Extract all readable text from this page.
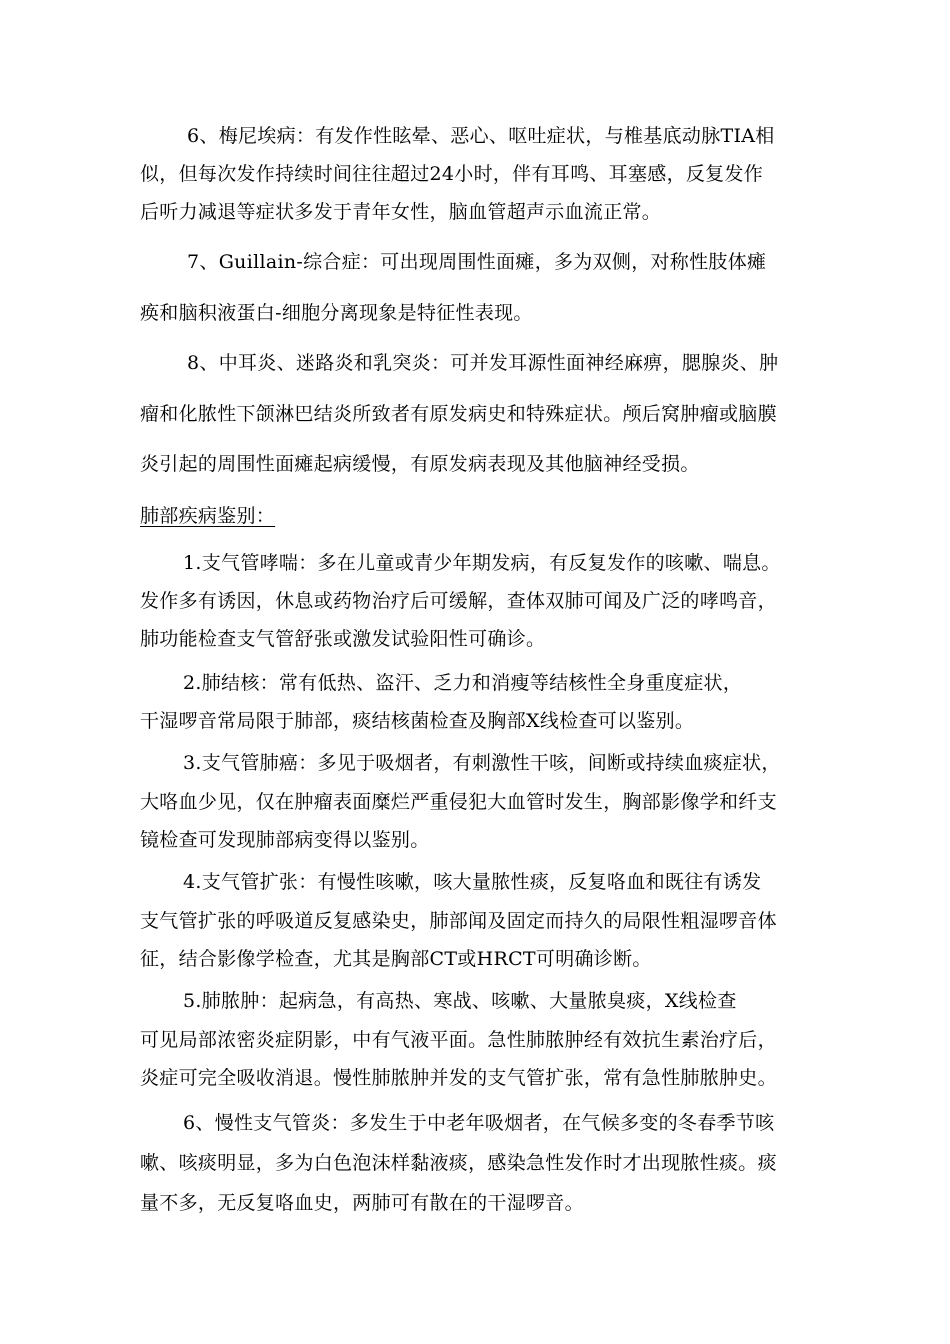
6、梅尼埃病：有发作性眩晕、恶心、呕吐症状，与椎基底动脉TIA相
似，但每次发作持续时间往往超过24小时，伴有耳鸣、耳塞感，反复发作
后听力减退等症状多发于青年女性，脑血管超声示血流正常。
7、Guillain-综合症：可出现周围性面瘫，多为双侧，对称性肢体瘫
痪和脑积液蛋白-细胞分离现象是特征性表现。
8、中耳炎、迷路炎和乳突炎：可并发耳源性面神经麻痹，腮腺炎、肿
瘤和化脓性下颌淋巴结炎所致者有原发病史和特殊症状。颅后窝肿瘤或脑膜
炎引起的周围性面瘫起病缓慢，有原发病表现及其他脑神经受损。
肺部疾病鉴别：
1.支气管哮喘：多在儿童或青少年期发病，有反复发作的咳嗽、喘息。
发作多有诱因，休息或药物治疗后可缓解，查体双肺可闻及广泛的哮鸣音，
肺功能检查支气管舒张或激发试验阳性可确诊。
2.肺结核：常有低热、盗汗、乏力和消瘦等结核性全身重度症状，
干湿啰音常局限于肺部，痰结核菌检查及胸部X线检查可以鉴别。
3.支气管肺癌：多见于吸烟者，有刺激性干咳，间断或持续血痰症状，
大咯血少见，仅在肿瘤表面糜烂严重侵犯大血管时发生，胸部影像学和纤支
镜检查可发现肺部病变得以鉴别。
4.支气管扩张：有慢性咳嗽，咳大量脓性痰，反复咯血和既往有诱发
支气管扩张的呼吸道反复感染史，肺部闻及固定而持久的局限性粗湿啰音体
征，结合影像学检查，尤其是胸部CT或HRCT可明确诊断。
5.肺脓肿：起病急，有高热、寒战、咳嗽、大量脓臭痰，X线检查
可见局部浓密炎症阴影，中有气液平面。急性肺脓肿经有效抗生素治疗后，
炎症可完全吸收消退。慢性肺脓肿并发的支气管扩张，常有急性肺脓肿史。
6、慢性支气管炎：多发生于中老年吸烟者，在气候多变的冬春季节咳
嗽、咳痰明显，多为白色泡沫样黏液痰，感染急性发作时才出现脓性痰。痰
量不多，无反复咯血史，两肺可有散在的干湿啰音。
